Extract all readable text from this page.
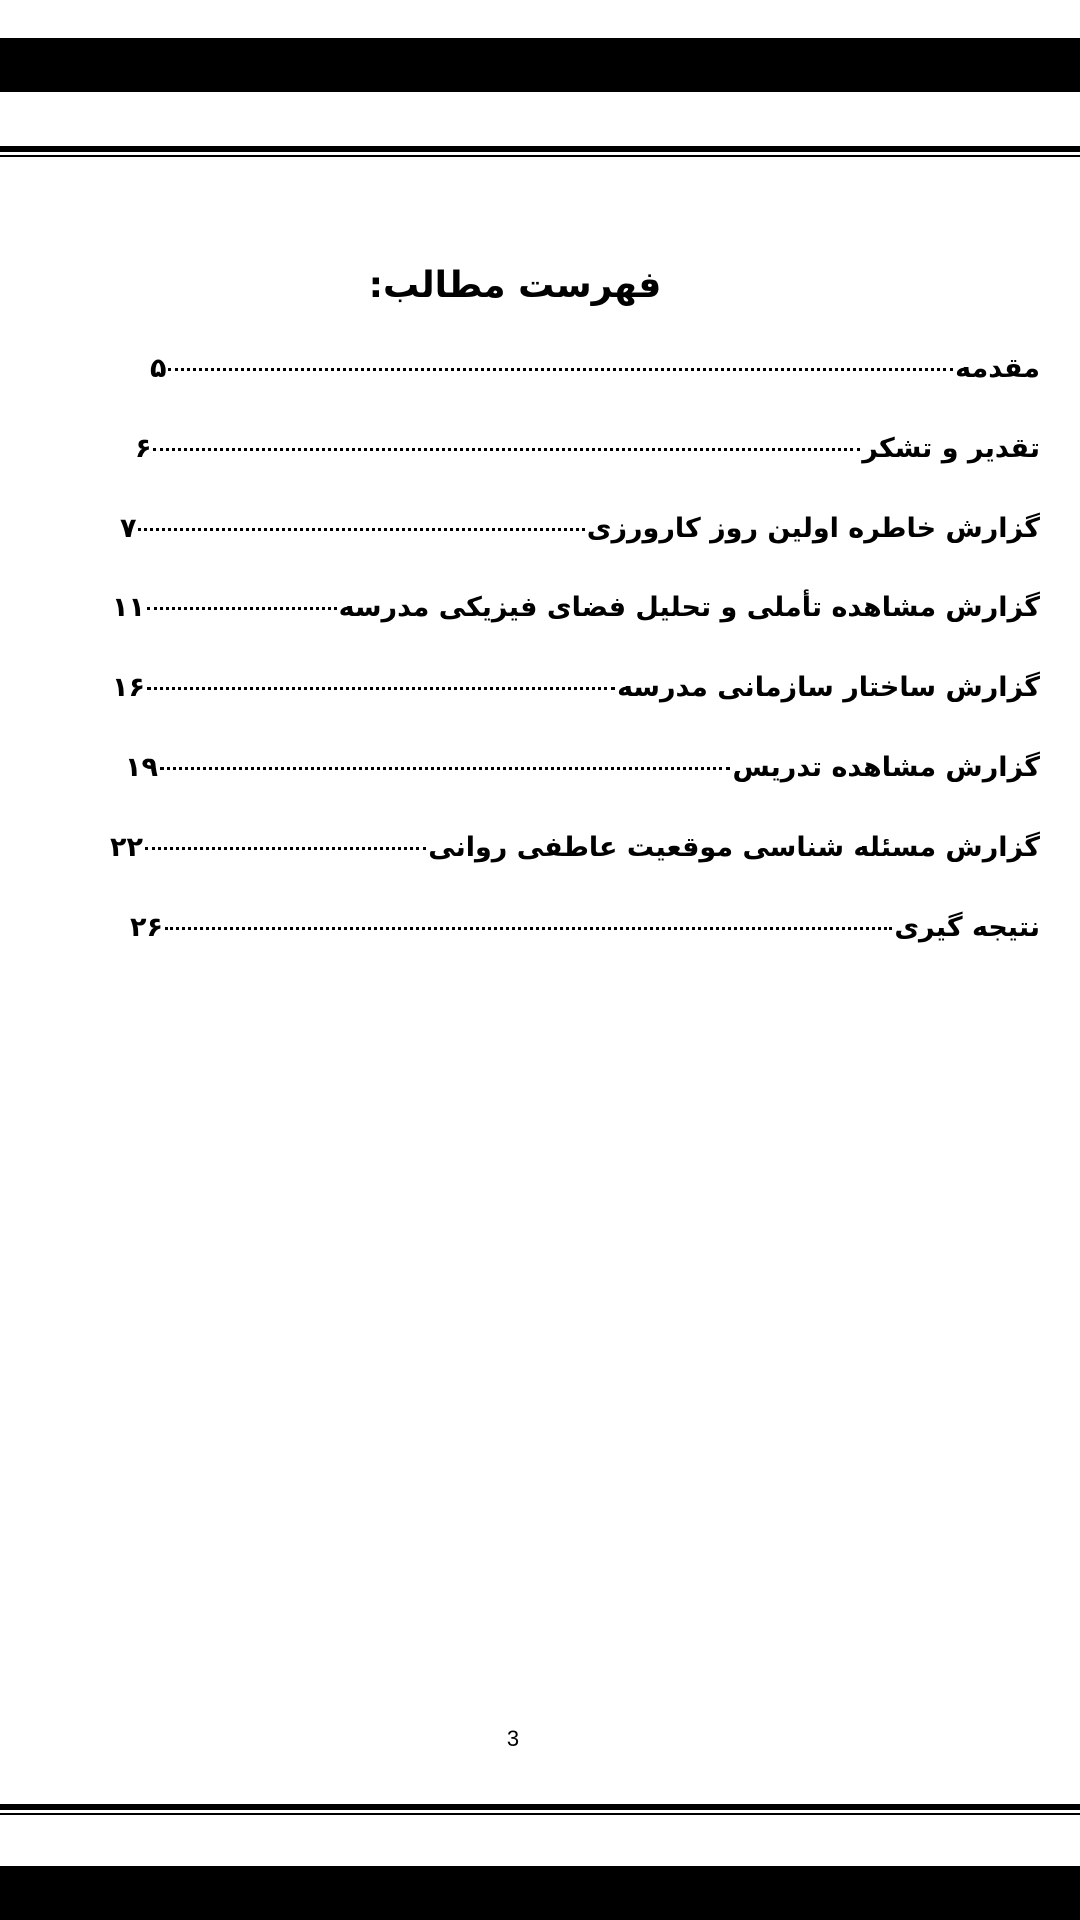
فهرست مطالب:
مقدمه
۵
تقدیر و تشکر
۶
گزارش خاطره اولین روز کارورزی
۷
گزارش مشاهده تأملی و تحلیل فضای فیزیکی مدرسه
۱۱
گزارش ساختار سازمانی مدرسه
۱۶
گزارش مشاهده تدریس
۱۹
گزارش مسئله شناسی موقعیت عاطفی روانی
۲۲
نتیجه گیری
۲۶
3
